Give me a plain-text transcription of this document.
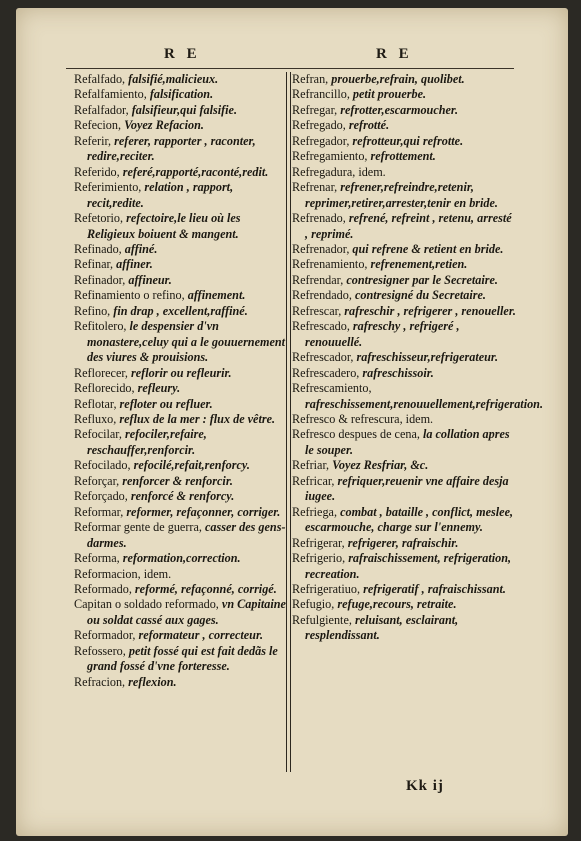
R E	R E

Refalfado, falsifié,malicieux.

Refalfamiento, falsification.

Refalfador, falsifieur,qui falsifie.

Refecion, Voyez Refacion.

Referir, referer, rapporter , raconter, redire,reciter.

Referido, referé,rapporté,raconté,redit.

Referimiento, relation , rapport, recit,redite.

Refetorio, refectoire,le lieu où les Religieux boiuent & mangent.

Refinado, affiné.

Refinar, affiner.

Refinador, affineur.

Refinamiento o refino, affinement.

Refino, fin drap , excellent,raffiné.

Refitolero, le despensier d'vn monastere,celuy qui a le gouuernement des viures & prouisions.

Reflorecer, reflorir ou refleurir.

Reflorecido, refleury.

Reflotar, refloter ou refluer.

Refluxo, reflux de la mer : flux de vêtre.

Refocilar, refociler,refaire, reschauffer,renforcir.

Refocilado, refocilé,refait,renforcy.

Reforçar, renforcer & renforcir.

Reforçado, renforcé & renforcy.

Reformar, reformer, refaçonner, corriger.

Reformar gente de guerra, casser des gens-darmes.

Reforma, reformation,correction.

Reformacion, idem.

Reformado, reformé, refaçonné, corrigé.

Capitan o soldado reformado, vn Capitaine ou soldat cassé aux gages.

Reformador, reformateur , correcteur.

Refossero, petit fossé qui est fait dedãs le grand fossé d'vne forteresse.

Refracion, reflexion.

Refran, prouerbe,refrain, quolibet.

Refrancillo, petit prouerbe.

Refregar, refrotter,escarmoucher.

Refregado, refrotté.

Refregador, refrotteur,qui refrotte.

Refregamiento, refrottement.

Refregadura, idem.

Refrenar, refrener,refreindre,retenir, reprimer,retirer,arrester,tenir en bride.

Refrenado, refrené, refreint , retenu, arresté , reprimé.

Refrenador, qui refrene & retient en bride.

Refrenamiento, refrenement,retien.

Refrendar, contresigner par le Secretaire.

Refrendado, contresigné du Secretaire.

Refrescar, rafreschir , refrigerer , renoueller.

Refrescado, rafreschy , refrigeré , renouuellé.

Refrescador, rafreschisseur,refrigerateur.

Refrescadero, rafreschissoir.

Refrescamiento, rafreschissement,renouuellement,refrigeration.

Refresco & refrescura, idem.

Refresco despues de cena, la collation apres le souper.

Refriar, Voyez Resfriar, &c.

Refricar, refriquer,reuenir vne affaire desja iugee.

Refriega, combat , bataille , conflict, meslee, escarmouche, charge sur l'ennemy.

Refrigerar, refrigerer, rafraischir.

Refrigerio, rafraischissement, refrigeration, recreation.

Refrigeratiuo, refrigeratif , rafraischissant.

Refugio, refuge,recours, retraite.

Refulgiente, reluisant, esclairant, resplendissant.

Kk ij
